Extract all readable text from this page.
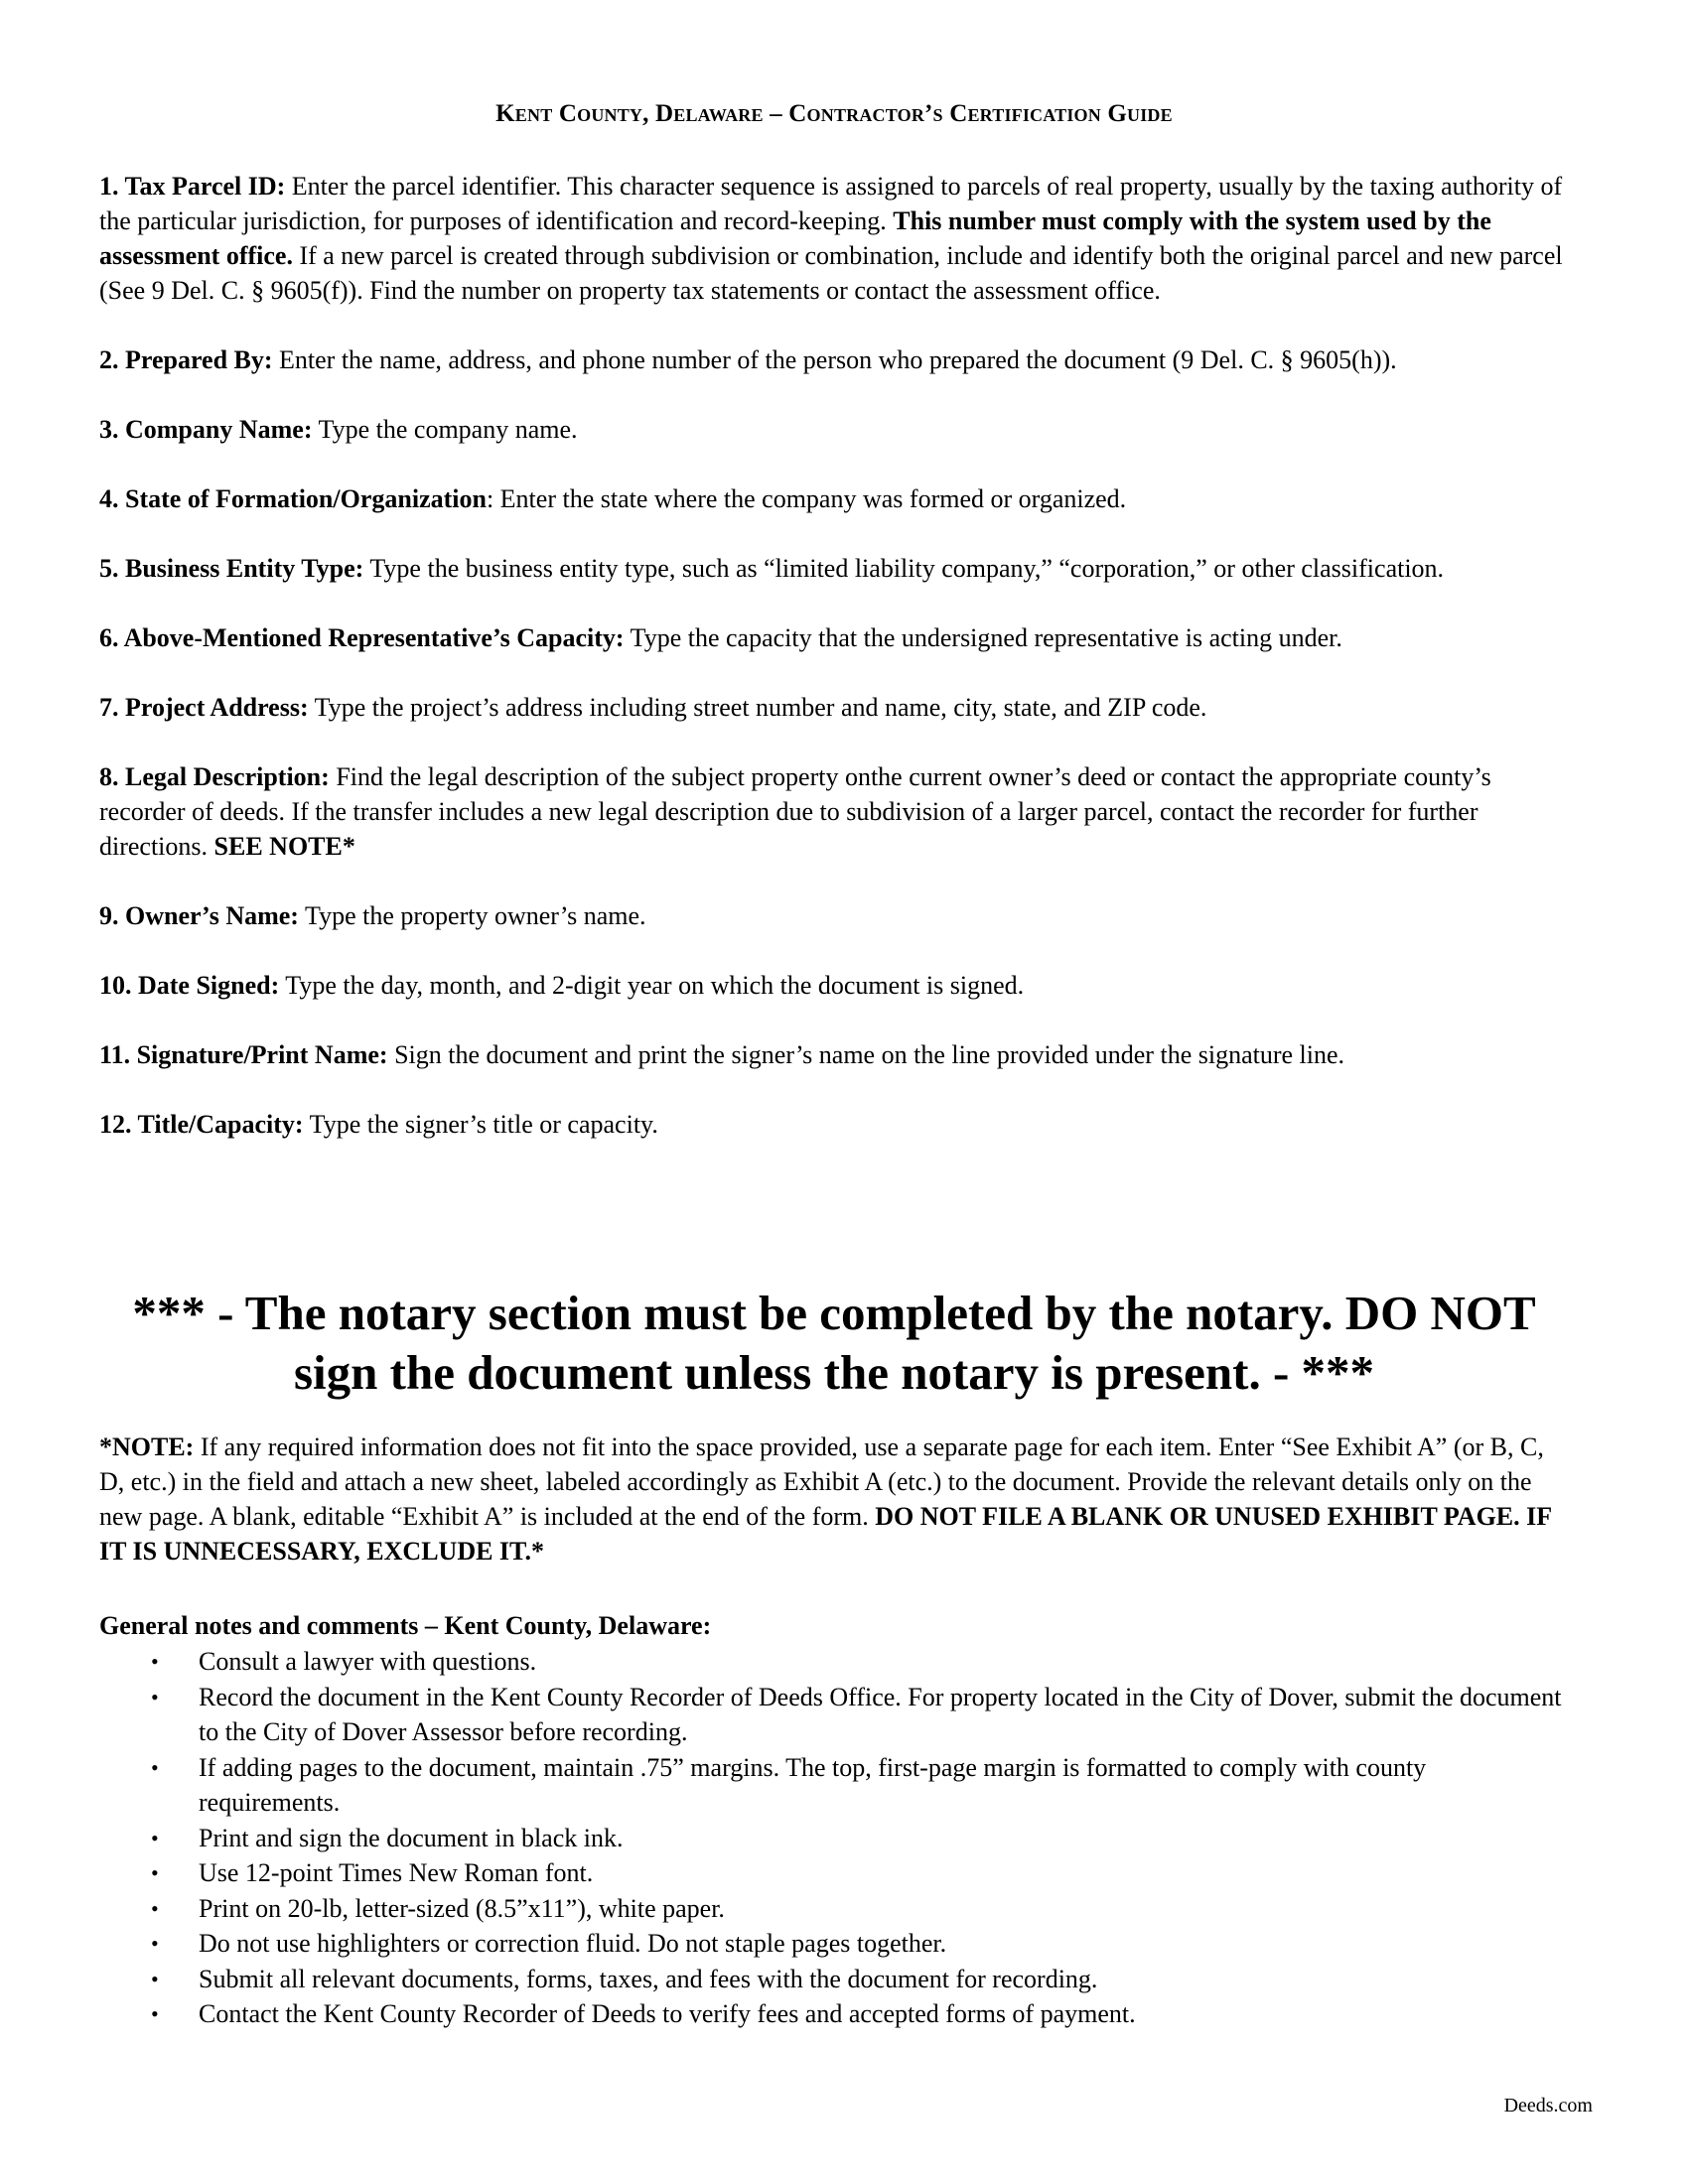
Kent County, Delaware – Contractor’s Certification Guide
1. Tax Parcel ID: Enter the parcel identifier. This character sequence is assigned to parcels of real property, usually by the taxing authority of the particular jurisdiction, for purposes of identification and record-keeping. This number must comply with the system used by the assessment office. If a new parcel is created through subdivision or combination, include and identify both the original parcel and new parcel (See 9 Del. C. § 9605(f)). Find the number on property tax statements or contact the assessment office.
2. Prepared By: Enter the name, address, and phone number of the person who prepared the document (9 Del. C. § 9605(h)).
3. Company Name: Type the company name.
4. State of Formation/Organization: Enter the state where the company was formed or organized.
5. Business Entity Type: Type the business entity type, such as “limited liability company,” “corporation,” or other classification.
6. Above-Mentioned Representative’s Capacity: Type the capacity that the undersigned representative is acting under.
7. Project Address: Type the project’s address including street number and name, city, state, and ZIP code.
8. Legal Description: Find the legal description of the subject property onthe current owner’s deed or contact the appropriate county’s recorder of deeds. If the transfer includes a new legal description due to subdivision of a larger parcel, contact the recorder for further directions. SEE NOTE*
9. Owner’s Name: Type the property owner’s name.
10. Date Signed: Type the day, month, and 2-digit year on which the document is signed.
11. Signature/Print Name: Sign the document and print the signer’s name on the line provided under the signature line.
12. Title/Capacity: Type the signer’s title or capacity.
*** - The notary section must be completed by the notary. DO NOT
sign the document unless the notary is present. - ***
*NOTE: If any required information does not fit into the space provided, use a separate page for each item. Enter “See Exhibit A” (or B, C, D, etc.) in the field and attach a new sheet, labeled accordingly as Exhibit A (etc.) to the document. Provide the relevant details only on the new page. A blank, editable “Exhibit A” is included at the end of the form. DO NOT FILE A BLANK OR UNUSED EXHIBIT PAGE. IF IT IS UNNECESSARY, EXCLUDE IT.*
General notes and comments – Kent County, Delaware:
• Consult a lawyer with questions.
• Record the document in the Kent County Recorder of Deeds Office. For property located in the City of Dover, submit the document to the City of Dover Assessor before recording.
• If adding pages to the document, maintain .75” margins. The top, first-page margin is formatted to comply with county requirements.
• Print and sign the document in black ink.
• Use 12-point Times New Roman font.
• Print on 20-lb, letter-sized (8.5”x11”), white paper.
• Do not use highlighters or correction fluid. Do not staple pages together.
• Submit all relevant documents, forms, taxes, and fees with the document for recording.
• Contact the Kent County Recorder of Deeds to verify fees and accepted forms of payment.
Deeds.com
